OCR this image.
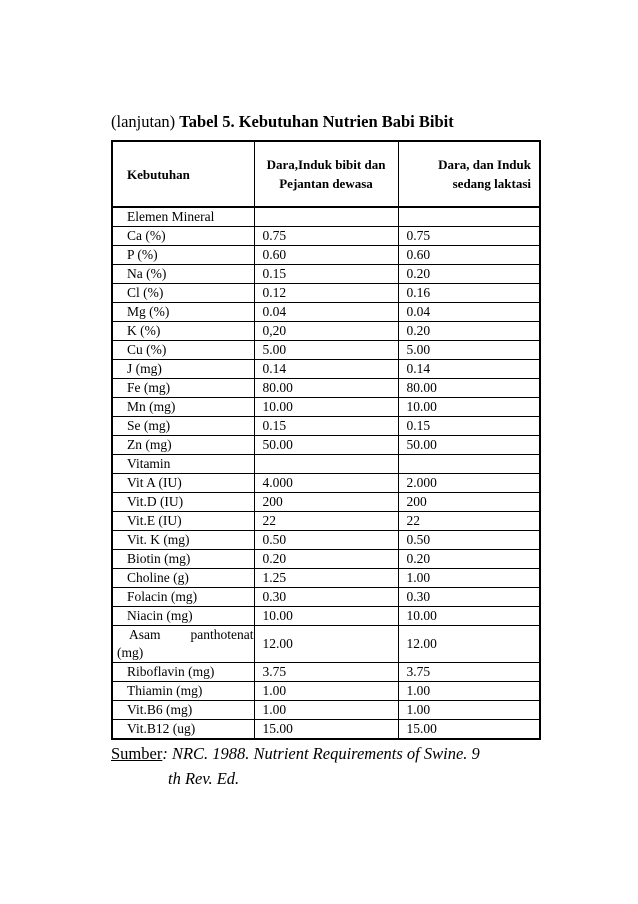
(lanjutan) Tabel 5. Kebutuhan Nutrien Babi Bibit
Kebutuhan	Dara,Induk bibit dan Pejantan dewasa	Dara, dan Induk sedang laktasi
Elemen Mineral		
Ca (%)	0.75	0.75
P (%)	0.60	0.60
Na (%)	0.15	0.20
Cl (%)	0.12	0.16
Mg (%)	0.04	0.04
K (%)	0,20	0.20
Cu (%)	5.00	5.00
J (mg)	0.14	0.14
Fe (mg)	80.00	80.00
Mn (mg)	10.00	10.00
Se (mg)	0.15	0.15
Zn (mg)	50.00	50.00
Vitamin		
Vit A (IU)	4.000	2.000
Vit.D (IU)	200	200
Vit.E (IU)	22	22
Vit. K (mg)	0.50	0.50
Biotin (mg)	0.20	0.20
Choline (g)	1.25	1.00
Folacin (mg)	0.30	0.30
Niacin (mg)	10.00	10.00
Asam panthotenat (mg)	12.00	12.00
Riboflavin (mg)	3.75	3.75
Thiamin (mg)	1.00	1.00
Vit.B6 (mg)	1.00	1.00
Vit.B12 (ug)	15.00	15.00
Sumber: NRC. 1988. Nutrient Requirements of Swine. 9
th Rev. Ed.
